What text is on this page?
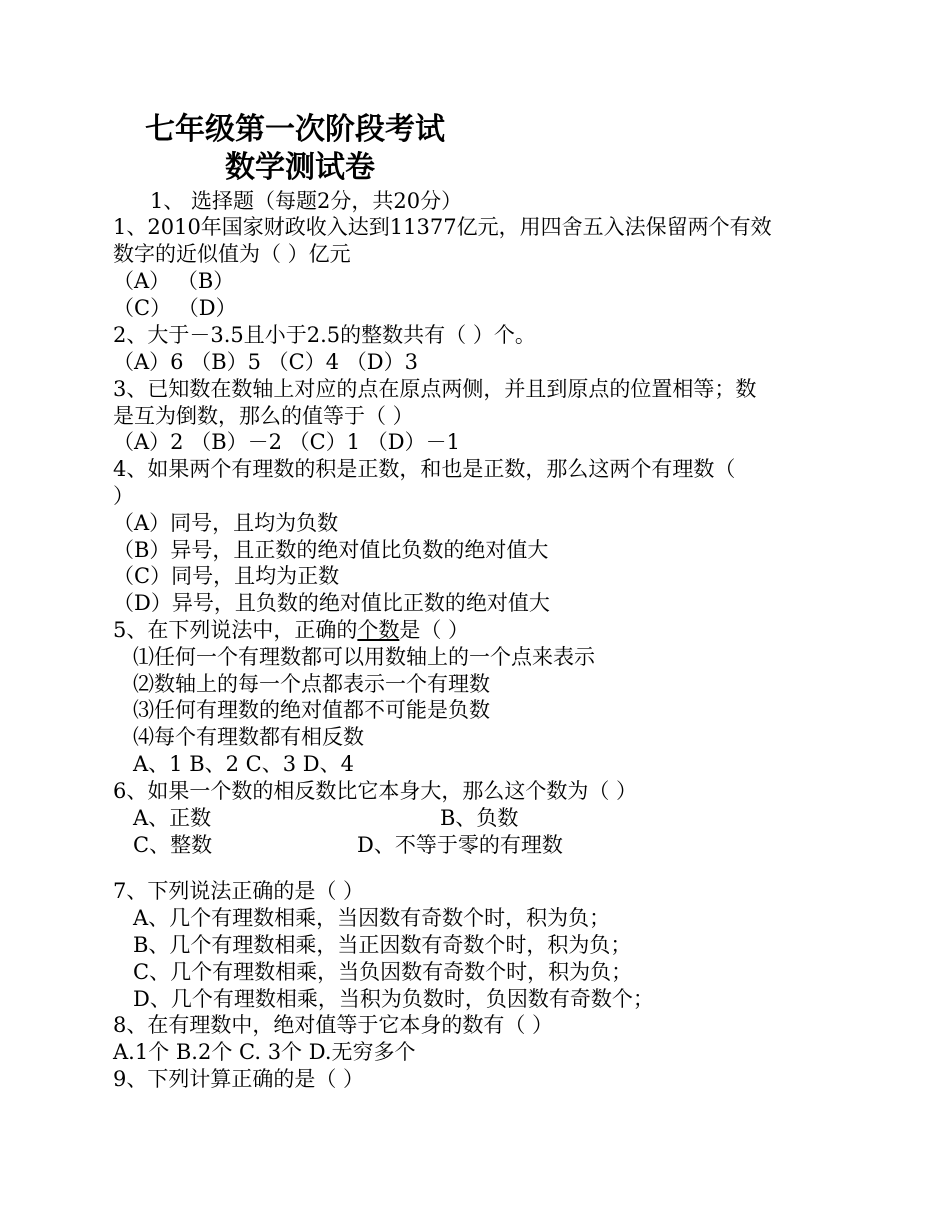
七年级第一次阶段考试
数学测试卷
1、 选择题（每题2分，共20分）
1、2010年国家财政收入达到11377亿元，用四舍五入法保留两个有效
数字的近似值为（ ）亿元
（A） （B）
（C） （D）
2、大于－3.5且小于2.5的整数共有（ ）个。
（A）6 （B）5 （C）4 （D）3
3、已知数在数轴上对应的点在原点两侧，并且到原点的位置相等；数
是互为倒数，那么的值等于（ ）
（A）2 （B）－2 （C）1 （D）－1
4、如果两个有理数的积是正数，和也是正数，那么这两个有理数（
）
（A）同号，且均为负数
（B）异号，且正数的绝对值比负数的绝对值大
（C）同号，且均为正数
（D）异号，且负数的绝对值比正数的绝对值大
5、在下列说法中，正确的个数是（ ）
⑴任何一个有理数都可以用数轴上的一个点来表示
⑵数轴上的每一个点都表示一个有理数
⑶任何有理数的绝对值都不可能是负数
⑷每个有理数都有相反数
A、1 B、2 C、3 D、4
6、如果一个数的相反数比它本身大，那么这个数为（ ）
A、正数	B、负数
C、整数	D、不等于零的有理数
7、下列说法正确的是（ ）
A、几个有理数相乘，当因数有奇数个时，积为负；
B、几个有理数相乘，当正因数有奇数个时，积为负；
C、几个有理数相乘，当负因数有奇数个时，积为负；
D、几个有理数相乘，当积为负数时，负因数有奇数个；
8、在有理数中，绝对值等于它本身的数有（ ）
A.1个 B.2个 C. 3个 D.无穷多个
9、下列计算正确的是（ ）
